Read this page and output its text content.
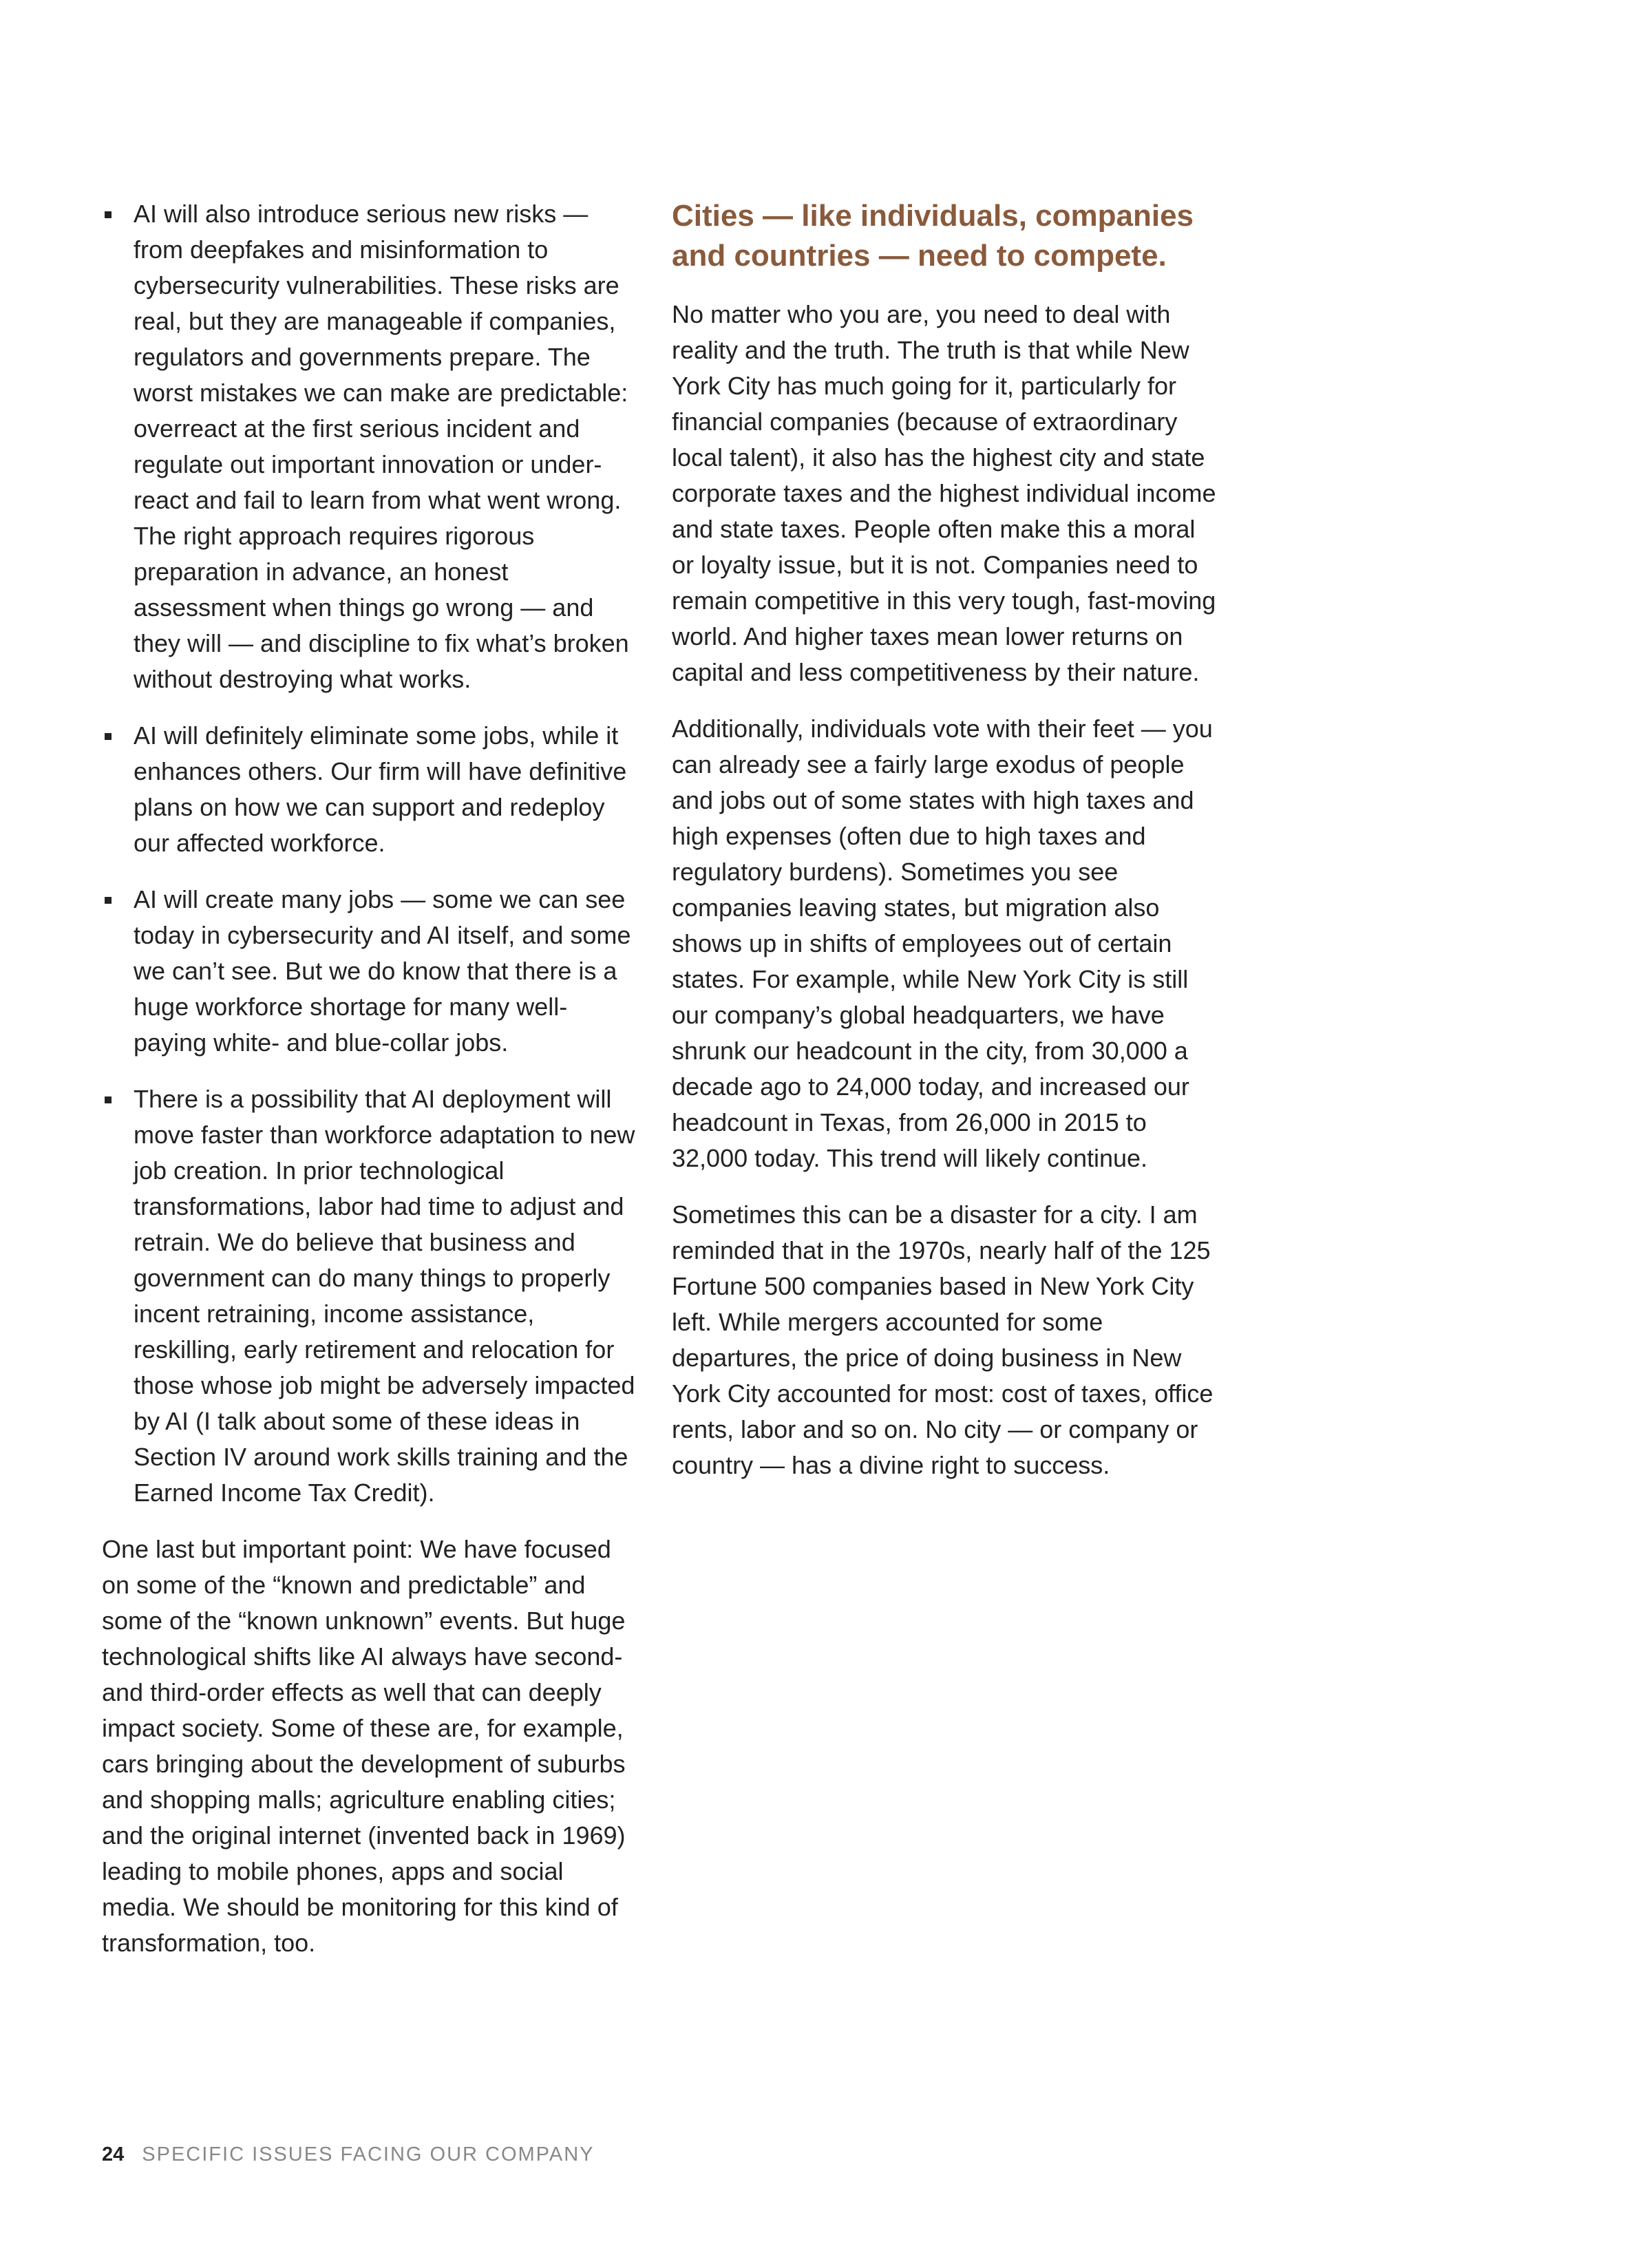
AI will also introduce serious new risks — from deepfakes and misinformation to cybersecurity vulnerabilities. These risks are real, but they are manageable if companies, regulators and governments prepare. The worst mistakes we can make are predictable: overreact at the first serious incident and regulate out important innovation or under-react and fail to learn from what went wrong. The right approach requires rigorous preparation in advance, an honest assessment when things go wrong — and they will — and discipline to fix what’s broken without destroying what works.
AI will definitely eliminate some jobs, while it enhances others. Our firm will have definitive plans on how we can support and redeploy our affected workforce.
AI will create many jobs — some we can see today in cybersecurity and AI itself, and some we can’t see. But we do know that there is a huge workforce shortage for many well-paying white- and blue-collar jobs.
There is a possibility that AI deployment will move faster than workforce adaptation to new job creation. In prior technological transformations, labor had time to adjust and retrain. We do believe that business and government can do many things to properly incent retraining, income assistance, reskilling, early retirement and relocation for those whose job might be adversely impacted by AI (I talk about some of these ideas in Section IV around work skills training and the Earned Income Tax Credit).

One last but important point: We have focused on some of the “known and predictable” and some of the “known unknown” events. But huge technological shifts like AI always have second- and third-order effects as well that can deeply impact society. Some of these are, for example, cars bringing about the development of suburbs and shopping malls; agriculture enabling cities; and the original internet (invented back in 1969) leading to mobile phones, apps and social media. We should be monitoring for this kind of transformation, too.

Cities — like individuals, companies and countries — need to compete.

No matter who you are, you need to deal with reality and the truth. The truth is that while New York City has much going for it, particularly for financial companies (because of extraordinary local talent), it also has the highest city and state corporate taxes and the highest individual income and state taxes. People often make this a moral or loyalty issue, but it is not. Companies need to remain competitive in this very tough, fast-moving world. And higher taxes mean lower returns on capital and less competitiveness by their nature.

Additionally, individuals vote with their feet — you can already see a fairly large exodus of people and jobs out of some states with high taxes and high expenses (often due to high taxes and regulatory burdens). Sometimes you see companies leaving states, but migration also shows up in shifts of employees out of certain states. For example, while New York City is still our company’s global headquarters, we have shrunk our headcount in the city, from 30,000 a decade ago to 24,000 today, and increased our headcount in Texas, from 26,000 in 2015 to 32,000 today. This trend will likely continue.

Sometimes this can be a disaster for a city. I am reminded that in the 1970s, nearly half of the 125 Fortune 500 companies based in New York City left. While mergers accounted for some departures, the price of doing business in New York City accounted for most: cost of taxes, office rents, labor and so on. No city — or company or country — has a divine right to success.

24 SPECIFIC ISSUES FACING OUR COMPANY
